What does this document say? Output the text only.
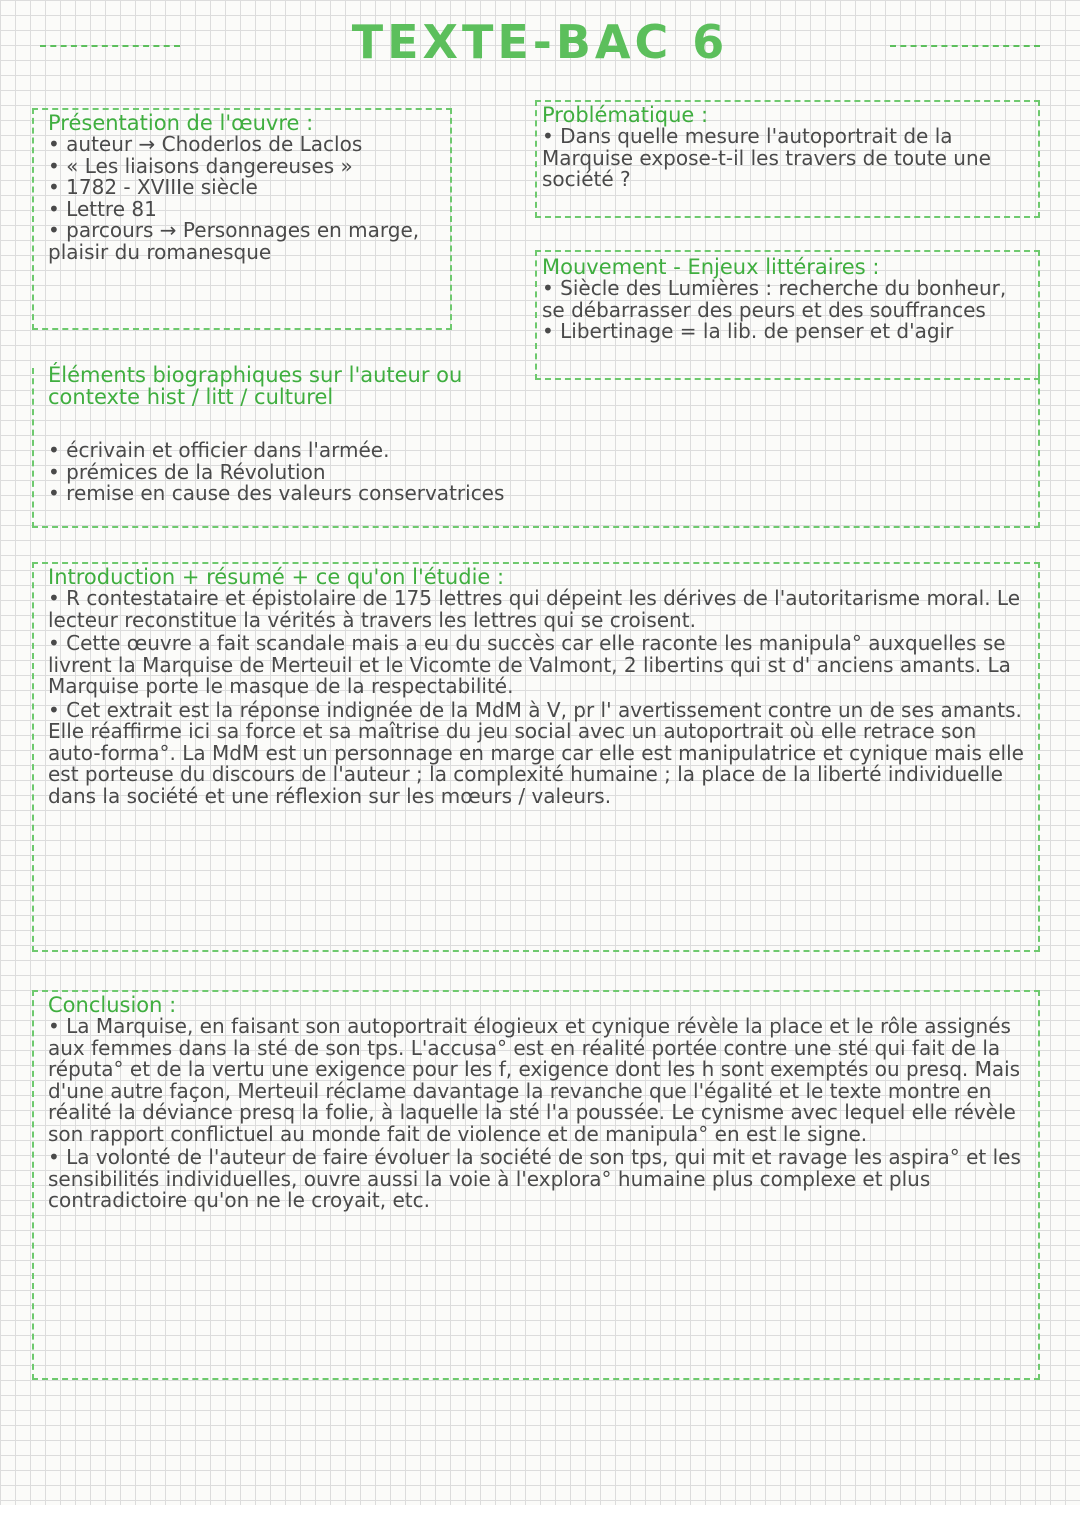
TEXTE-BAC 6
Présentation de l'œuvre :
• auteur → Choderlos de Laclos
• « Les liaisons dangereuses »
• 1782 - XVIIIe siècle
• Lettre 81
• parcours → Personnages en marge, plaisir du romanesque
Problématique :
• Dans quelle mesure l'autoportrait de la Marquise expose-t-il les travers de toute une société ?
Mouvement - Enjeux littéraires :
• Siècle des Lumières : recherche du bonheur, se débarrasser des peurs et des souffrances
• Libertinage = la lib. de penser et d'agir
Éléments biographiques sur l'auteur ou contexte hist / litt / culturel
• écrivain et officier dans l'armée.
• prémices de la Révolution
• remise en cause des valeurs conservatrices
Introduction + résumé + ce qu'on l'étudie :
• R contestataire et épistolaire de 175 lettres qui dépeint les dérives de l'autoritarisme moral. Le lecteur reconstitue la vérités à travers les lettres qui se croisent.
• Cette œuvre a fait scandale mais a eu du succès car elle raconte les manipula° auxquelles se livrent la Marquise de Merteuil et le Vicomte de Valmont, 2 libertins qui st d' anciens amants. La Marquise porte le masque de la respectabilité.
• Cet extrait est la réponse indignée de la MdM à V, pr l' avertissement contre un de ses amants. Elle réaffirme ici sa force et sa maîtrise du jeu social avec un autoportrait où elle retrace son auto-forma°. La MdM est un personnage en marge car elle est manipulatrice et cynique mais elle est porteuse du discours de l'auteur ; la complexité humaine ; la place de la liberté individuelle dans la société et une réflexion sur les mœurs / valeurs.
Conclusion :
• La Marquise, en faisant son autoportrait élogieux et cynique révèle la place et le rôle assignés aux femmes dans la sté de son tps. L'accusa° est en réalité portée contre une sté qui fait de la réputa° et de la vertu une exigence pour les f, exigence dont les h sont exemptés ou presq. Mais d'une autre façon, Merteuil réclame davantage la revanche que l'égalité et le texte montre en réalité la déviance presq la folie, à laquelle la sté l'a poussée. Le cynisme avec lequel elle révèle son rapport conflictuel au monde fait de violence et de manipula° en est le signe.
• La volonté de l'auteur de faire évoluer la société de son tps, qui mit et ravage les aspira° et les sensibilités individuelles, ouvre aussi la voie à l'explora° humaine plus complexe et plus contradictoire qu'on ne le croyait, etc.
